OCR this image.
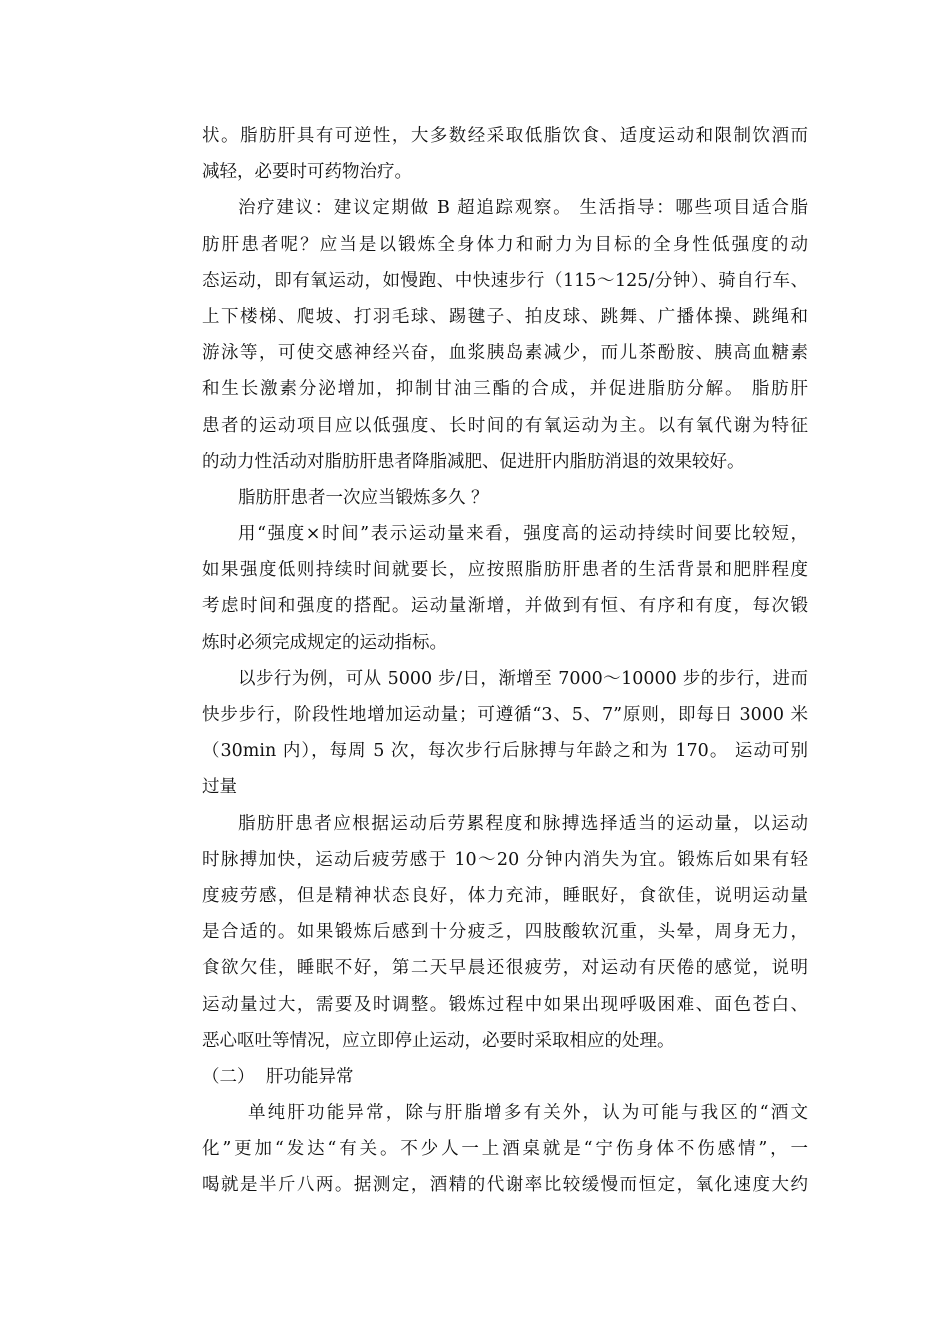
状。脂肪肝具有可逆性，大多数经采取低脂饮食、适度运动和限制饮酒而
减轻，必要时可药物治疗。
治疗建议：建议定期做 B 超追踪观察。 生活指导：哪些项目适合脂
肪肝患者呢？应当是以锻炼全身体力和耐力为目标的全身性低强度的动
态运动，即有氧运动，如慢跑、中快速步行（115～125/分钟）、骑自行车、
上下楼梯、爬坡、打羽毛球、踢毽子、拍皮球、跳舞、广播体操、跳绳和
游泳等，可使交感神经兴奋，血浆胰岛素减少，而儿茶酚胺、胰高血糖素
和生长激素分泌增加，抑制甘油三酯的合成，并促进脂肪分解。 脂肪肝
患者的运动项目应以低强度、长时间的有氧运动为主。以有氧代谢为特征
的动力性活动对脂肪肝患者降脂减肥、促进肝内脂肪消退的效果较好。
脂肪肝患者一次应当锻炼多久 ？
用“强度×时间”表示运动量来看，强度高的运动持续时间要比较短，
如果强度低则持续时间就要长，应按照脂肪肝患者的生活背景和肥胖程度
考虑时间和强度的搭配。运动量渐增，并做到有恒、有序和有度，每次锻
炼时必须完成规定的运动指标。
以步行为例，可从 5000 步/日，渐增至 7000～10000 步的步行，进而
快步步行，阶段性地增加运动量；可遵循“3、5、7”原则，即每日 3000 米
（30min 内），每周 5 次，每次步行后脉搏与年龄之和为 170。 运动可别
过量
脂肪肝患者应根据运动后劳累程度和脉搏选择适当的运动量，以运动
时脉搏加快，运动后疲劳感于 10～20 分钟内消失为宜。锻炼后如果有轻
度疲劳感，但是精神状态良好，体力充沛，睡眠好，食欲佳，说明运动量
是合适的。如果锻炼后感到十分疲乏，四肢酸软沉重，头晕，周身无力，
食欲欠佳，睡眠不好，第二天早晨还很疲劳，对运动有厌倦的感觉，说明
运动量过大，需要及时调整。锻炼过程中如果出现呼吸困难、面色苍白、
恶心呕吐等情况，应立即停止运动，必要时采取相应的处理。
（二） 肝功能异常
单纯肝功能异常，除与肝脂增多有关外，认为可能与我区的“酒文
化”更加“发达“有关。不少人一上酒桌就是“宁伤身体不伤感情”，一
喝就是半斤八两。据测定，酒精的代谢率比较缓慢而恒定，氧化速度大约
